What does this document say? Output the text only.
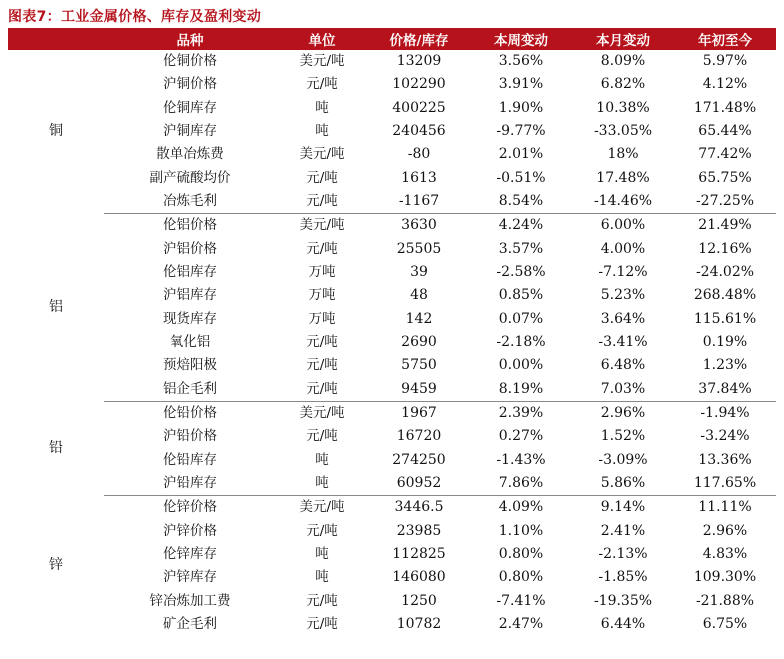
图表7：工业金属价格、库存及盈利变动
	品种	单位	价格/库存	本周变动	本月变动	年初至今
铜	伦铜价格	美元/吨	13209	3.56%	8.09%	5.97%
	沪铜价格	元/吨	102290	3.91%	6.82%	4.12%
	伦铜库存	吨	400225	1.90%	10.38%	171.48%
	沪铜库存	吨	240456	-9.77%	-33.05%	65.44%
	散单冶炼费	美元/吨	-80	2.01%	18%	77.42%
	副产硫酸均价	元/吨	1613	-0.51%	17.48%	65.75%
	冶炼毛利	元/吨	-1167	8.54%	-14.46%	-27.25%
铝	伦铝价格	美元/吨	3630	4.24%	6.00%	21.49%
	沪铝价格	元/吨	25505	3.57%	4.00%	12.16%
	伦铝库存	万吨	39	-2.58%	-7.12%	-24.02%
	沪铝库存	万吨	48	0.85%	5.23%	268.48%
	现货库存	万吨	142	0.07%	3.64%	115.61%
	氧化铝	元/吨	2690	-2.18%	-3.41%	0.19%
	预焙阳极	元/吨	5750	0.00%	6.48%	1.23%
	铝企毛利	元/吨	9459	8.19%	7.03%	37.84%
铅	伦铅价格	美元/吨	1967	2.39%	2.96%	-1.94%
	沪铅价格	元/吨	16720	0.27%	1.52%	-3.24%
	伦铅库存	吨	274250	-1.43%	-3.09%	13.36%
	沪铅库存	吨	60952	7.86%	5.86%	117.65%
锌	伦锌价格	美元/吨	3446.5	4.09%	9.14%	11.11%
	沪锌价格	元/吨	23985	1.10%	2.41%	2.96%
	伦锌库存	吨	112825	0.80%	-2.13%	4.83%
	沪锌库存	吨	146080	0.80%	-1.85%	109.30%
	锌冶炼加工费	元/吨	1250	-7.41%	-19.35%	-21.88%
	矿企毛利	元/吨	10782	2.47%	6.44%	6.75%
